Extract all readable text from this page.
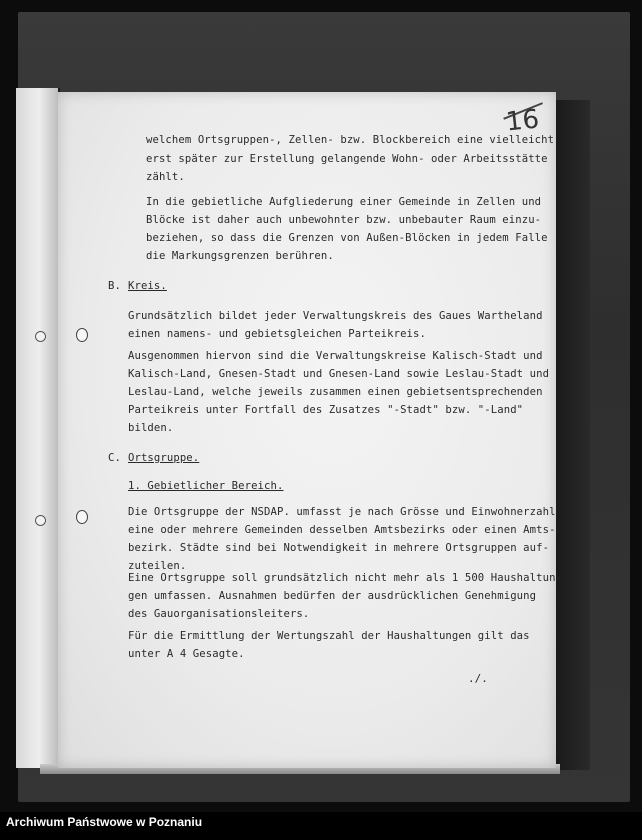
16
welchem Ortsgruppen-, Zellen- bzw. Blockbereich eine vielleicht
erst später zur Erstellung gelangende Wohn- oder Arbeitsstätte
zählt.
In die gebietliche Aufgliederung einer Gemeinde in Zellen und
Blöcke ist daher auch unbewohnter bzw. unbebauter Raum einzu-
beziehen, so dass die Grenzen von Außen-Blöcken in jedem Falle
die Markungsgrenzen berühren.
B. Kreis.
Grundsätzlich bildet jeder Verwaltungskreis des Gaues Wartheland
einen namens- und gebietsgleichen Parteikreis.
Ausgenommen hiervon sind die Verwaltungskreise Kalisch-Stadt und
Kalisch-Land, Gnesen-Stadt und Gnesen-Land sowie Leslau-Stadt und
Leslau-Land, welche jeweils zusammen einen gebietsentsprechenden
Parteikreis unter Fortfall des Zusatzes "-Stadt" bzw. "-Land"
bilden.
C. Ortsgruppe.
1. Gebietlicher Bereich.
Die Ortsgruppe der NSDAP. umfasst je nach Grösse und Einwohnerzahl
eine oder mehrere Gemeinden desselben Amtsbezirks oder einen Amts-
bezirk. Städte sind bei Notwendigkeit in mehrere Ortsgruppen auf-
zuteilen.
Eine Ortsgruppe soll grundsätzlich nicht mehr als 1 500 Haushaltun-
gen umfassen. Ausnahmen bedürfen der ausdrücklichen Genehmigung
des Gauorganisationsleiters.
Für die Ermittlung der Wertungszahl der Haushaltungen gilt das
unter A 4 Gesagte.
./.
Archiwum Państwowe w Poznaniu
